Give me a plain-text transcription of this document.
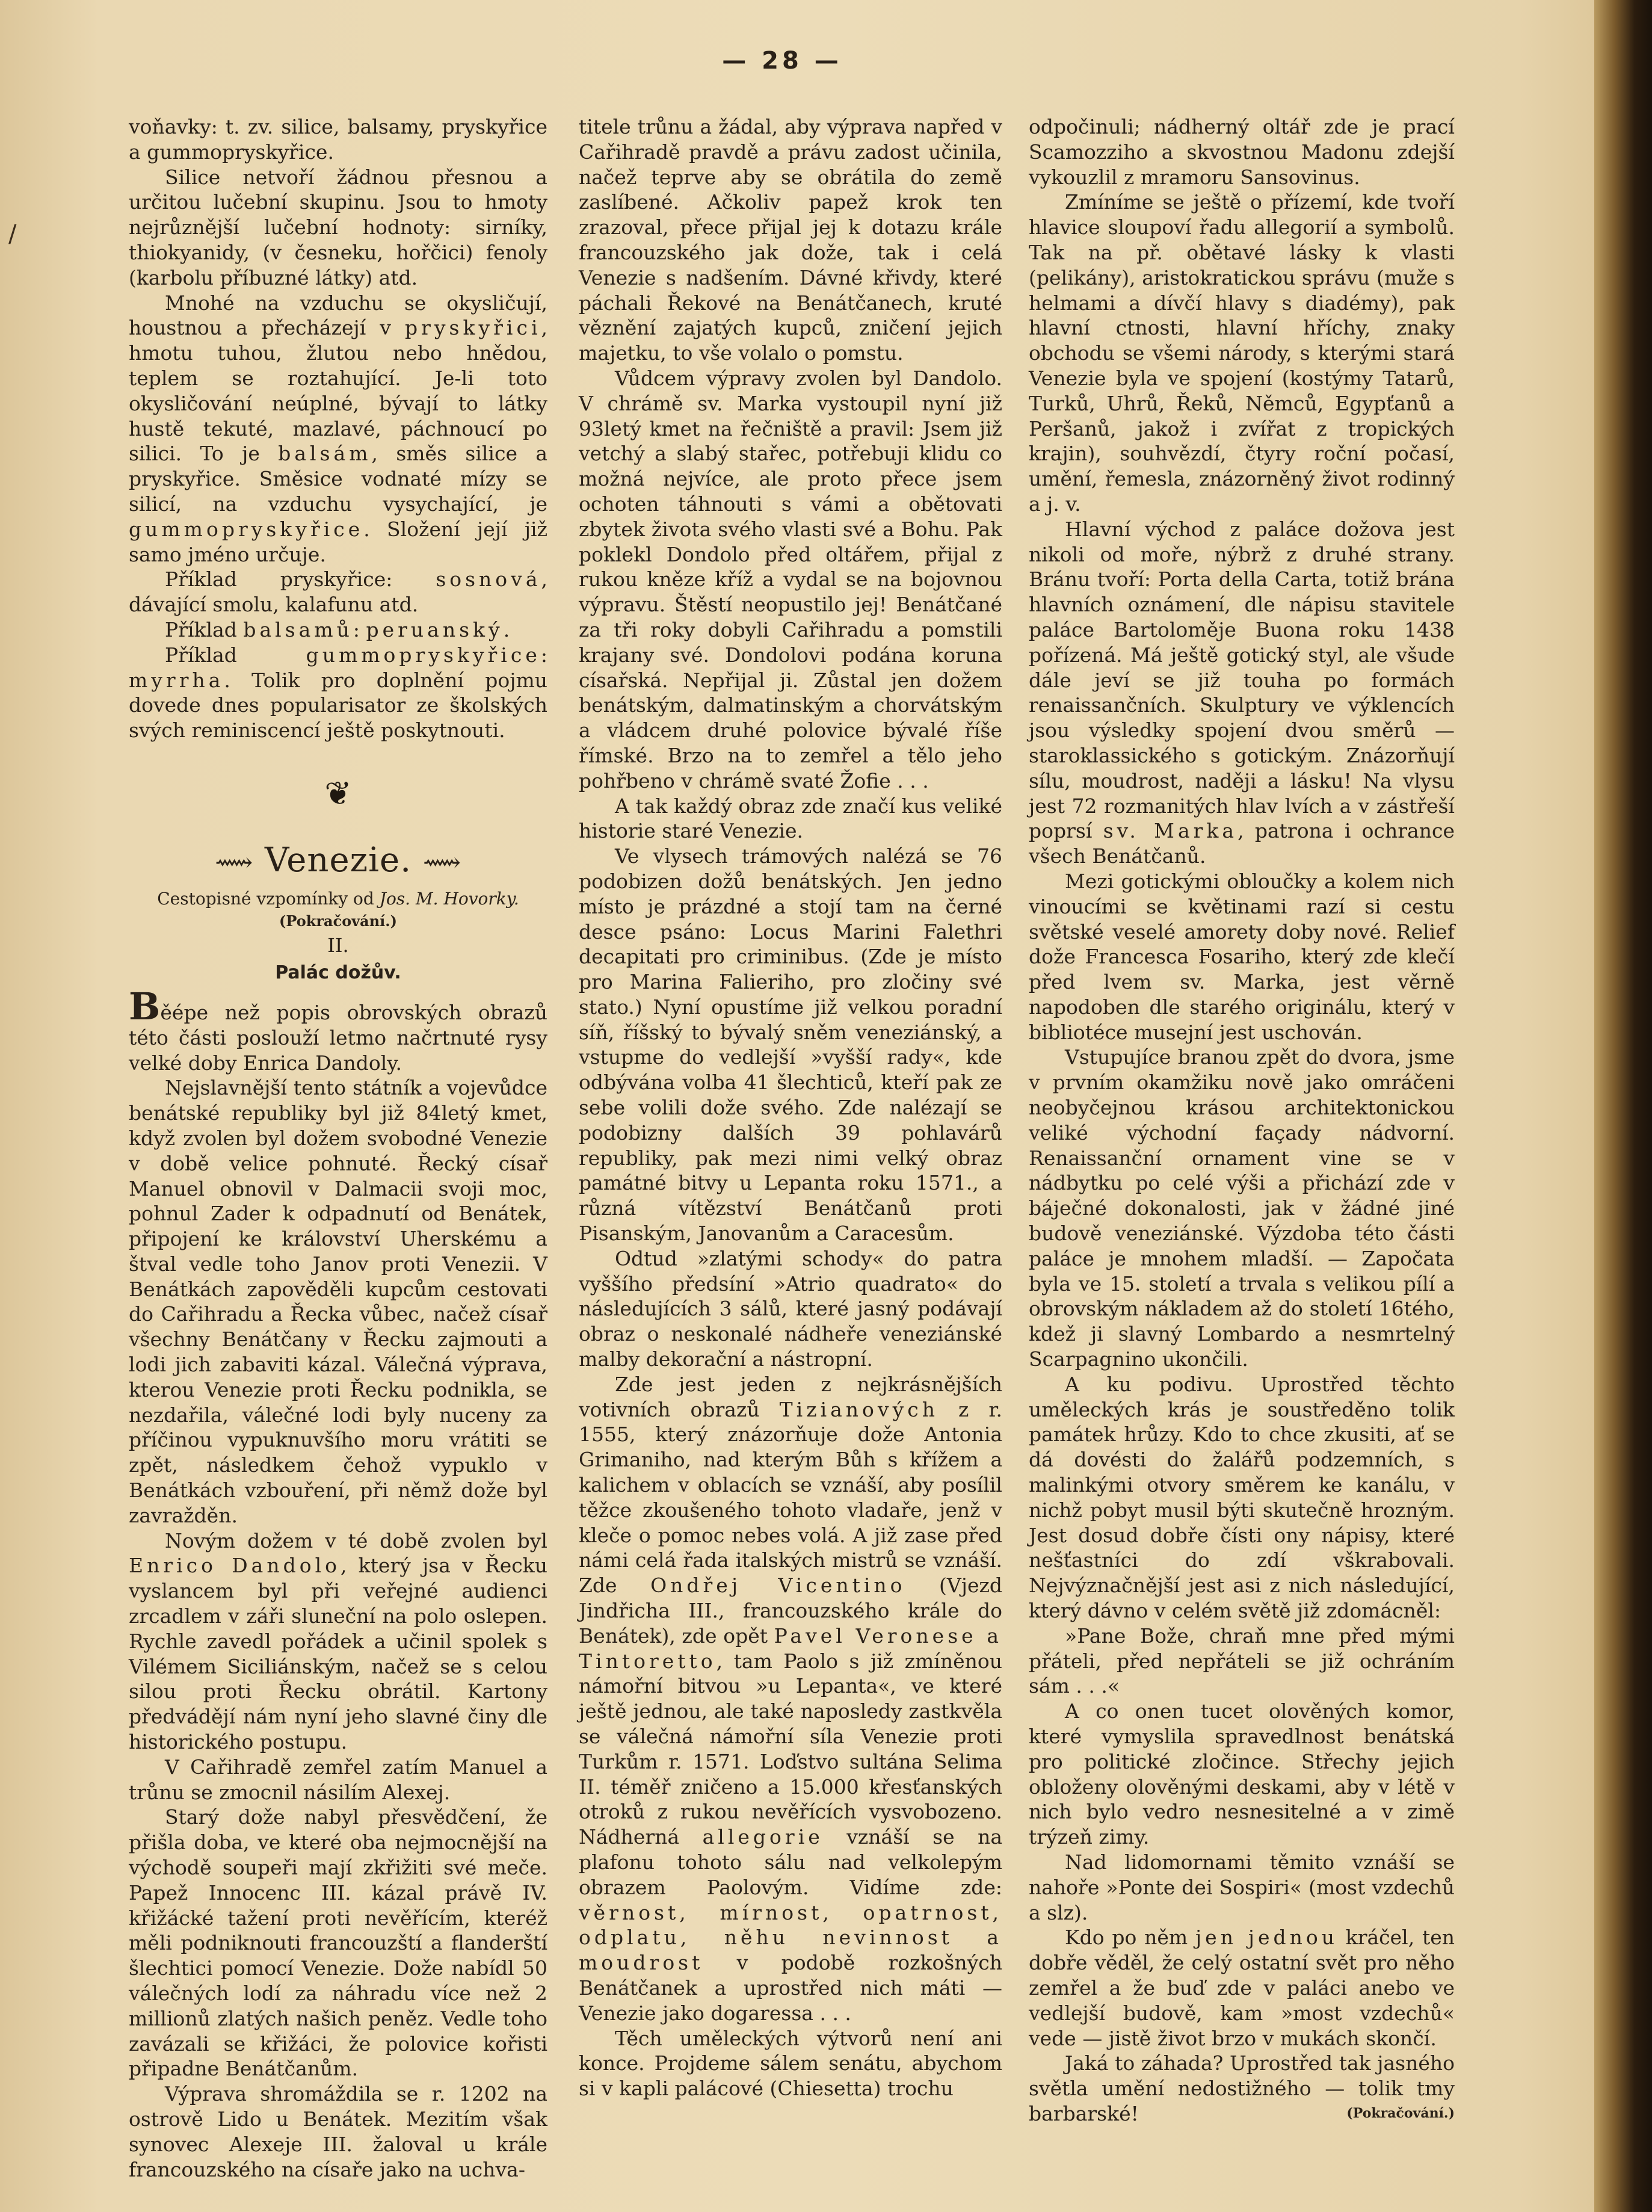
— 28 —
/

voňavky: t. zv. silice, balsamy, pryskyřice a gummopryskyřice.

Silice netvoří žádnou přesnou a určitou lučební skupinu. Jsou to hmoty nejrůznější lučební hodnoty: sirníky, thiokyanidy, (v česneku, hořčici) fenoly (karbolu příbuzné látky) atd.

Mnohé na vzduchu se okysličují, houstnou a přecházejí v pryskyřici, hmotu tuhou, žlutou nebo hnědou, teplem se roztahující. Je-li toto okysličování neúplné, bývají to látky hustě tekuté, mazlavé, páchnoucí po silici. To je balsám, směs silice a pryskyřice. Směsice vodnaté mízy se silicí, na vzduchu vysychající, je gummopryskyřice. Složení její již samo jméno určuje.

Příklad pryskyřice: sosnová, dávající smolu, kalafunu atd.

Příklad balsamů: peruanský.

Příklad gummopryskyřice: myrrha. Tolik pro doplnění pojmu dovede dnes popularisator ze školských svých reminiscencí ještě poskytnouti.

❦
⟿ Venezie. ⟿
Cestopisné vzpomínky od Jos. M. Hovorky.
(Pokračování.)
II.
Palác dožův.

Běépe než popis obrovských obrazů této části poslouží letmo načrtnuté rysy velké doby Enrica Dandoly.

Nejslavnější tento státník a vojevůdce benátské republiky byl již 84letý kmet, když zvolen byl dožem svobodné Venezie v době velice pohnuté. Řecký císař Manuel obnovil v Dalmacii svoji moc, pohnul Zader k odpadnutí od Benátek, připojení ke království Uherskému a štval vedle toho Janov proti Venezii. V Benátkách zapověděli kupcům cestovati do Cařihradu a Řecka vůbec, načež císař všechny Benátčany v Řecku zajmouti a lodi jich zabaviti kázal. Válečná výprava, kterou Venezie proti Řecku podnikla, se nezdařila, válečné lodi byly nuceny za příčinou vypuknuvšího moru vrátiti se zpět, následkem čehož vypuklo v Benátkách vzbouření, při němž dože byl zavražděn.

Novým dožem v té době zvolen byl Enrico Dandolo, který jsa v Řecku vyslancem byl při veřejné audienci zrcadlem v záři sluneční na polo oslepen. Rychle zavedl pořádek a učinil spolek s Vilémem Siciliánským, načež se s celou silou proti Řecku obrátil. Kartony předvádějí nám nyní jeho slavné činy dle historického postupu.

V Cařihradě zemřel zatím Manuel a trůnu se zmocnil násilím Alexej.

Starý dože nabyl přesvědčení, že přišla doba, ve které oba nejmocnější na východě soupeři mají zkřižiti své meče. Papež Innocenc III. kázal právě IV. křižácké tažení proti nevěřícím, kteréž měli podniknouti francouzští a flanderští šlechtici pomocí Venezie. Dože nabídl 50 válečných lodí za náhradu více než 2 millionů zlatých našich peněz. Vedle toho zavázali se křižáci, že polovice kořisti připadne Benátčanům.

Výprava shromáždila se r. 1202 na ostrově Lido u Benátek. Mezitím však synovec Alexeje III. žaloval u krále francouzského na císaře jako na uchva-

titele trůnu a žádal, aby výprava napřed v Cařihradě pravdě a právu zadost učinila, načež teprve aby se obrátila do země zaslíbené. Ačkoliv papež krok ten zrazoval, přece přijal jej k dotazu krále francouzského jak dože, tak i celá Venezie s nadšením. Dávné křivdy, které páchali Řekové na Benátčanech, kruté věznění zajatých kupců, zničení jejich majetku, to vše volalo o pomstu.

Vůdcem výpravy zvolen byl Dandolo. V chrámě sv. Marka vystoupil nyní již 93letý kmet na řečniště a pravil: Jsem již vetchý a slabý stařec, potřebuji klidu co možná nejvíce, ale proto přece jsem ochoten táhnouti s vámi a obětovati zbytek života svého vlasti své a Bohu. Pak poklekl Dondolo před oltářem, přijal z rukou kněze kříž a vydal se na bojovnou výpravu. Štěstí neopustilo jej! Benátčané za tři roky dobyli Cařihradu a pomstili krajany své. Dondolovi podána koruna císařská. Nepřijal ji. Zůstal jen dožem benátským, dalmatinským a chorvátským a vládcem druhé polovice bývalé říše římské. Brzo na to zemřel a tělo jeho pohřbeno v chrámě svaté Žofie . . .

A tak každý obraz zde značí kus veliké historie staré Venezie.

Ve vlysech trámových nalézá se 76 podobizen dožů benátských. Jen jedno místo je prázdné a stojí tam na černé desce psáno: Locus Marini Falethri decapitati pro criminibus. (Zde je místo pro Marina Falieriho, pro zločiny své stato.) Nyní opustíme již velkou poradní síň, říšský to bývalý sněm veneziánský, a vstupme do vedlejší »vyšší rady«, kde odbývána volba 41 šlechticů, kteří pak ze sebe volili dože svého. Zde nalézají se podobizny dalších 39 pohlavárů republiky, pak mezi nimi velký obraz památné bitvy u Lepanta roku 1571., a různá vítězství Benátčanů proti Pisanským, Janovanům a Caracesům.

Odtud »zlatými schody« do patra vyššího předsíní »Atrio quadrato« do následujících 3 sálů, které jasný podávají obraz o neskonalé nádheře veneziánské malby dekorační a nástropní.

Zde jest jeden z nejkrásnějších votivních obrazů Tizianových z r. 1555, který znázorňuje dože Antonia Grimaniho, nad kterým Bůh s křížem a kalichem v oblacích se vznáší, aby posílil těžce zkoušeného tohoto vladaře, jenž v kleče o pomoc nebes volá. A již zase před námi celá řada italských mistrů se vznáší. Zde Ondřej Vicentino (Vjezd Jindřicha III., francouzského krále do Benátek), zde opět Pavel Veronese a Tintoretto, tam Paolo s již zmíněnou námořní bitvou »u Lepanta«, ve které ještě jednou, ale také naposledy zastkvěla se válečná námořní síla Venezie proti Turkům r. 1571. Loďstvo sultána Selima II. téměř zničeno a 15.000 křesťanských otroků z rukou nevěřících vysvobozeno. Nádherná allegorie vznáší se na plafonu tohoto sálu nad velkolepým obrazem Paolovým. Vidíme zde: věrnost, mírnost, opatrnost, odplatu, něhu nevinnost a moudrost v podobě rozkošných Benátčanek a uprostřed nich máti — Venezie jako dogaressa . . .

Těch uměleckých výtvorů není ani konce. Projdeme sálem senátu, abychom si v kapli palácové (Chiesetta) trochu

odpočinuli; nádherný oltář zde je prací Scamozziho a skvostnou Madonu zdejší vykouzlil z mramoru Sansovinus.

Zmíníme se ještě o přízemí, kde tvoří hlavice sloupoví řadu allegorií a symbolů. Tak na př. obětavé lásky k vlasti (pelikány), aristokratickou správu (muže s helmami a dívčí hlavy s diadémy), pak hlavní ctnosti, hlavní hříchy, znaky obchodu se všemi národy, s kterými stará Venezie byla ve spojení (kostýmy Tatarů, Turků, Uhrů, Řeků, Němců, Egypťanů a Peršanů, jakož i zvířat z tropických krajin), souhvězdí, čtyry roční počasí, umění, řemesla, znázorněný život rodinný a j. v.

Hlavní východ z paláce dožova jest nikoli od moře, nýbrž z druhé strany. Bránu tvoří: Porta della Carta, totiž brána hlavních oznámení, dle nápisu stavitele paláce Bartoloměje Buona roku 1438 pořízená. Má ještě gotický styl, ale všude dále jeví se již touha po formách renaissančních. Skulptury ve výklencích jsou výsledky spojení dvou směrů — staroklassického s gotickým. Znázorňují sílu, moudrost, naději a lásku! Na vlysu jest 72 rozmanitých hlav lvích a v zástřeší poprsí sv. Marka, patrona i ochrance všech Benátčanů.

Mezi gotickými obloučky a kolem nich vinoucími se květinami razí si cestu světské veselé amorety doby nové. Relief dože Francesca Fosariho, který zde klečí před lvem sv. Marka, jest věrně napodoben dle starého originálu, který v bibliotéce musejní jest uschován.

Vstupujíce branou zpět do dvora, jsme v prvním okamžiku nově jako omráčeni neobyčejnou krásou architektonickou veliké východní façady nádvorní. Renaissanční ornament vine se v nádbytku po celé výši a přichází zde v báječné dokonalosti, jak v žádné jiné budově veneziánské. Výzdoba této části paláce je mnohem mladší. — Započata byla ve 15. století a trvala s velikou pílí a obrovským nákladem až do století 16tého, kdež ji slavný Lombardo a nesmrtelný Scarpagnino ukončili.

A ku podivu. Uprostřed těchto uměleckých krás je soustředěno tolik památek hrůzy. Kdo to chce zkusiti, ať se dá dovésti do žalářů podzemních, s malinkými otvory směrem ke kanálu, v nichž pobyt musil býti skutečně hrozným. Jest dosud dobře čísti ony nápisy, které nešťastníci do zdí vškrabovali. Nejvýznačnější jest asi z nich následující, který dávno v celém světě již zdomácněl:

»Pane Bože, chraň mne před mými přáteli, před nepřáteli se již ochráním sám . . .«

A co onen tucet olověných komor, které vymyslila spravedlnost benátská pro politické zločince. Střechy jejich obloženy olověnými deskami, aby v létě v nich bylo vedro nesnesitelné a v zimě trýzeň zimy.

Nad lidomornami těmito vznáší se nahoře »Ponte dei Sospiri« (most vzdechů a slz).

Kdo po něm jen jednou kráčel, ten dobře věděl, že celý ostatní svět pro něho zemřel a že buď zde v paláci anebo ve vedlejší budově, kam »most vzdechů« vede — jistě život brzo v mukách skončí.

Jaká to záhada? Uprostřed tak jasného světla umění nedostižného — tolik tmy barbarské!	(Pokračování.)
